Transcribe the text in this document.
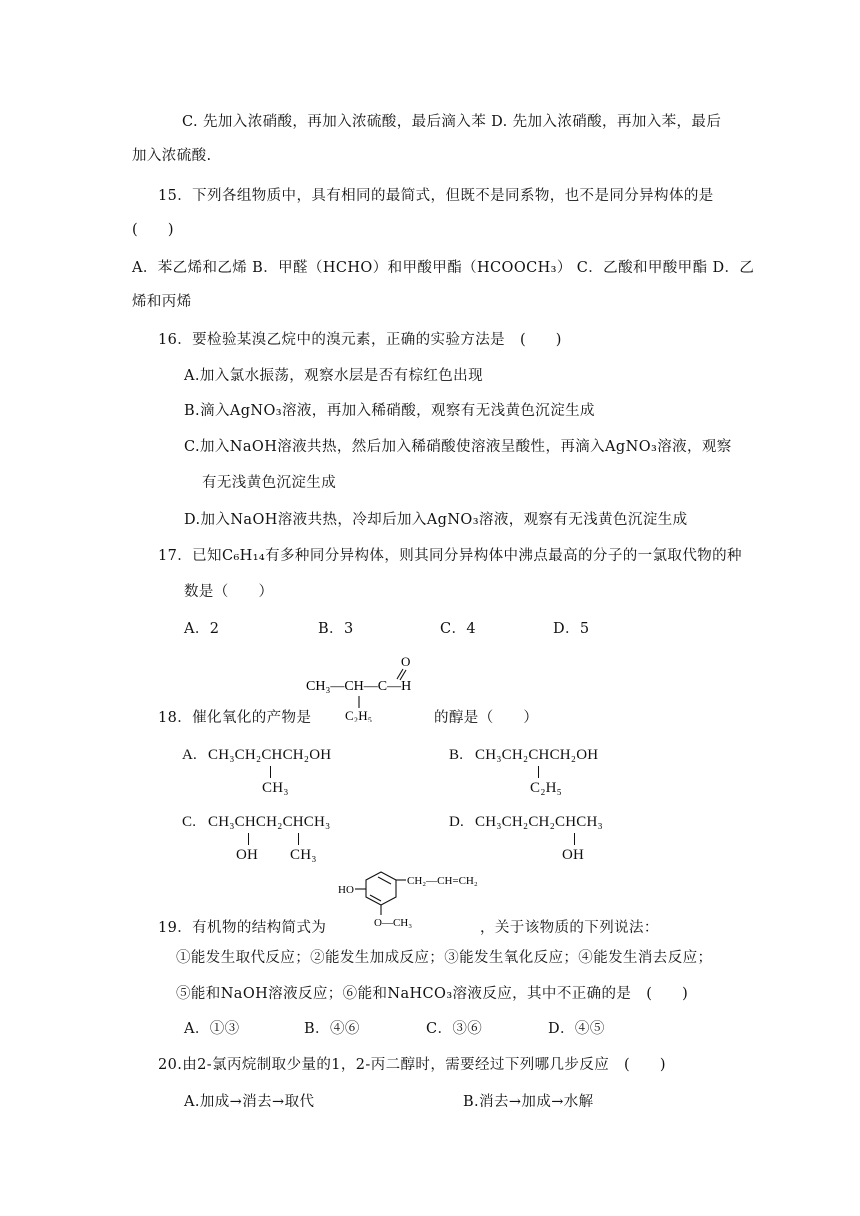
C. 先加入浓硝酸，再加入浓硫酸，最后滴入苯 D. 先加入浓硝酸，再加入苯，最后
加入浓硫酸.
15．下列各组物质中，具有相同的最简式，但既不是同系物，也不是同分异构体的是
(　　)
A．苯乙烯和乙烯 B．甲醛（HCHO）和甲酸甲酯（HCOOCH₃） C．乙酸和甲酸甲酯 D．乙
烯和丙烯
16．要检验某溴乙烷中的溴元素，正确的实验方法是　(　　)
A.加入氯水振荡，观察水层是否有棕红色出现
B.滴入AgNO₃溶液，再加入稀硝酸，观察有无浅黄色沉淀生成
C.加入NaOH溶液共热，然后加入稀硝酸使溶液呈酸性，再滴入AgNO₃溶液，观察
有无浅黄色沉淀生成
D.加入NaOH溶液共热，冷却后加入AgNO₃溶液，观察有无浅黄色沉淀生成
17．已知C₆H₁₄有多种同分异构体，则其同分异构体中沸点最高的分子的一氯取代物的种
数是（　　）
A．2	B．3	C．4	D．5
CH₃—CH—C—H
C₂H₅
O
18．催化氧化的产物是	的醇是（　　）
A. CH₃CH₂CHCH₂OH
CH₃
B. CH₃CH₂CHCH₂OH
C₂H₅
C. CH₃CHCH₂CHCH₃
OH CH₃
D. CH₃CH₂CH₂CHCH₃
OH
HO
CH₂—CH=CH₂
O—CH₃
19．有机物的结构简式为	，关于该物质的下列说法：
①能发生取代反应；②能发生加成反应；③能发生氧化反应；④能发生消去反应；
⑤能和NaOH溶液反应；⑥能和NaHCO₃溶液反应，其中不正确的是　(　　)
A．①③	B．④⑥	C．③⑥	D．④⑤
20.由2-氯丙烷制取少量的1，2-丙二醇时，需要经过下列哪几步反应　(　　)
A.加成→消去→取代	B.消去→加成→水解
